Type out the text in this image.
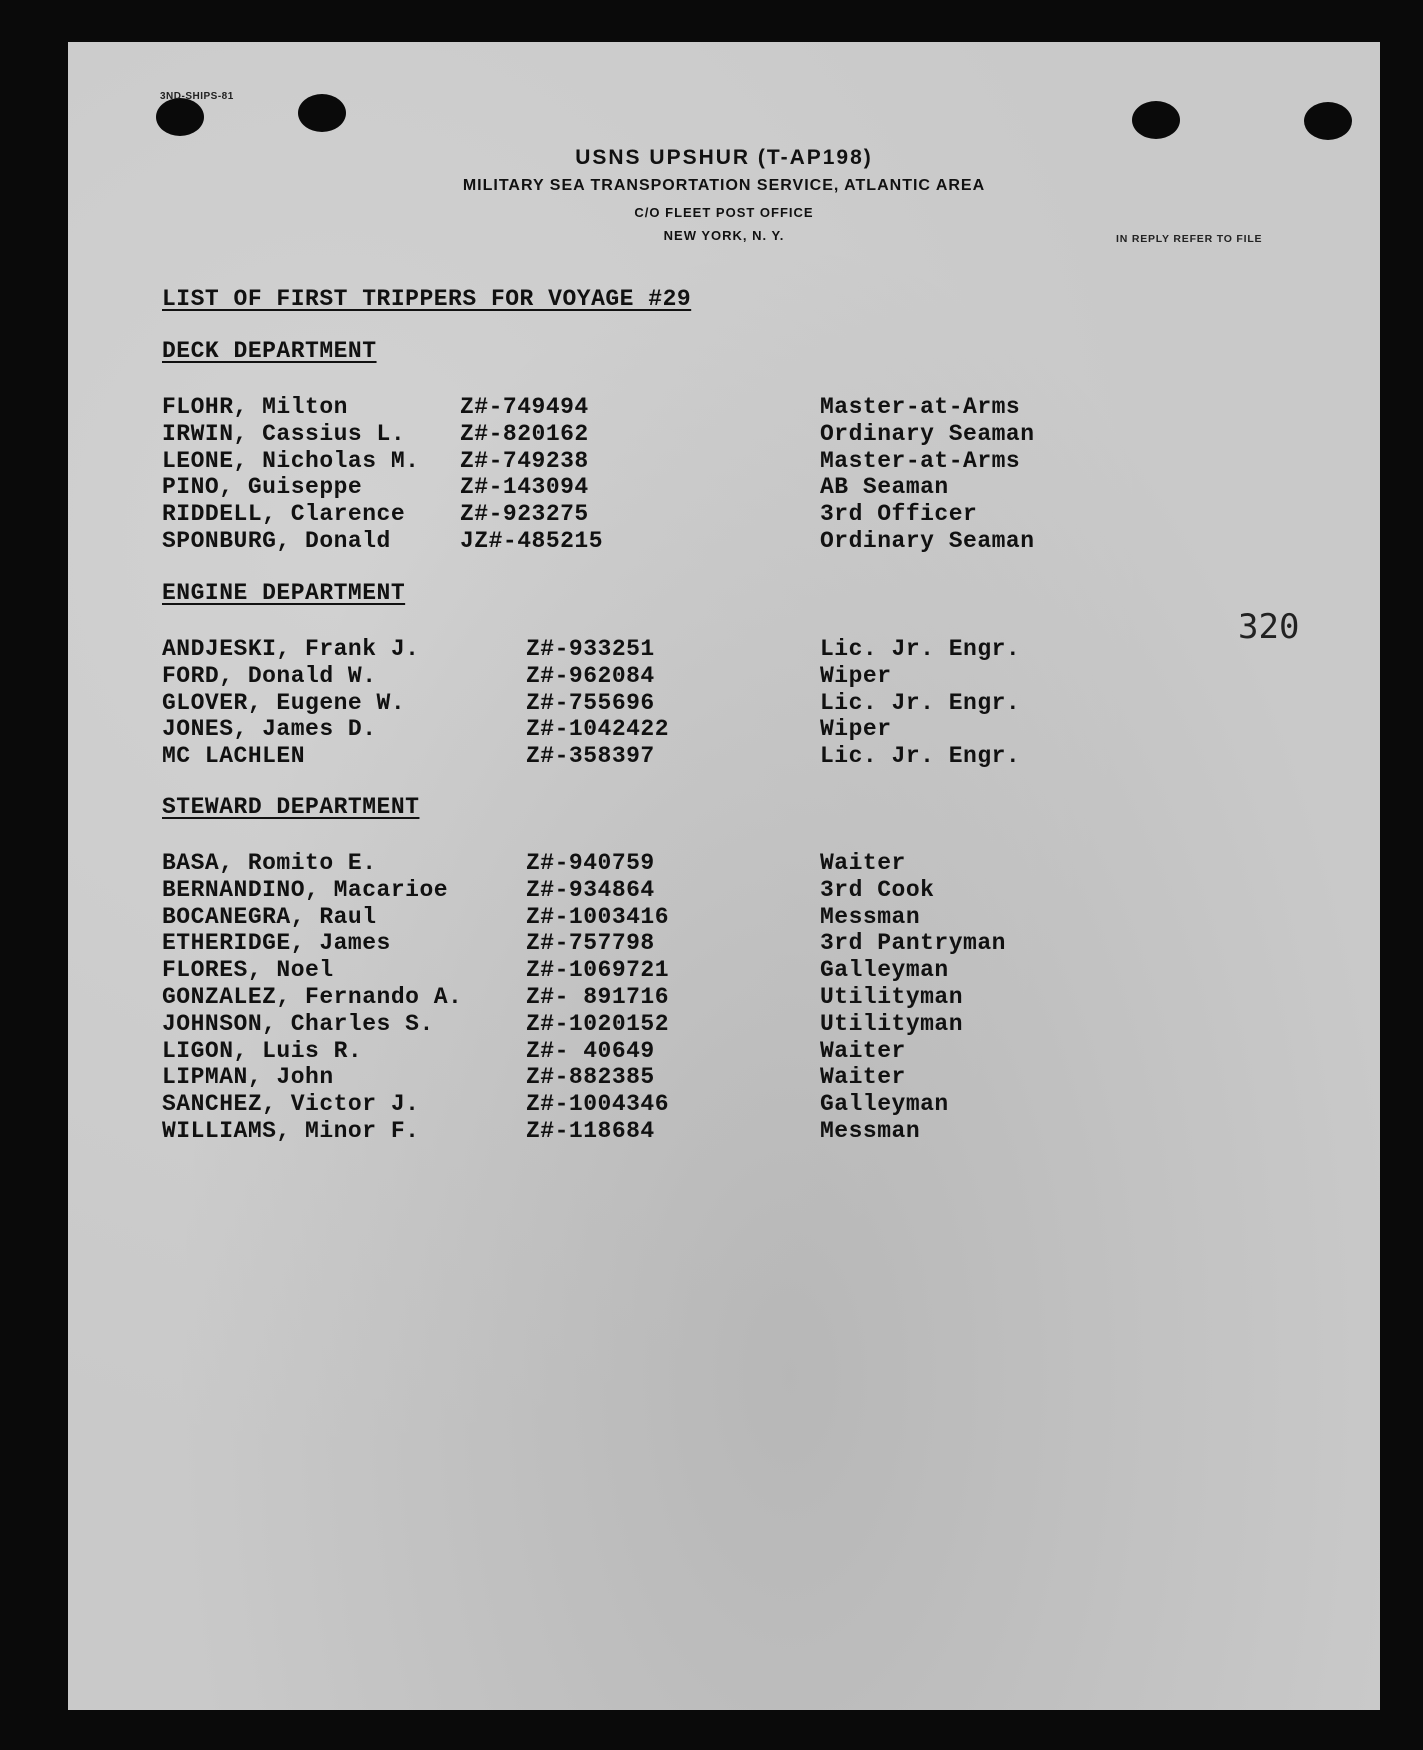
3ND-SHIPS-81
USNS UPSHUR (T-AP198)
MILITARY SEA TRANSPORTATION SERVICE, ATLANTIC AREA
C/O FLEET POST OFFICE
NEW YORK, N. Y.	IN REPLY REFER TO FILE
320
LIST OF FIRST TRIPPERS FOR VOYAGE #29
DECK DEPARTMENT
FLOHR, Milton	Z#-749494	Master-at-Arms
IRWIN, Cassius L. Z#-820162	Ordinary Seaman
LEONE, Nicholas M. Z#-749238	Master-at-Arms
PINO, Guiseppe	Z#-143094	AB Seaman
RIDDELL, Clarence Z#-923275	3rd Officer
SPONBURG, Donald	JZ#-485215	Ordinary Seaman
ENGINE DEPARTMENT
ANDJESKI, Frank J.	Z#-933251	Lic. Jr. Engr.
FORD, Donald W.	Z#-962084	Wiper
GLOVER, Eugene W.	Z#-755696	Lic. Jr. Engr.
JONES, James D.	Z#-1042422	Wiper
MC LACHLEN	Z#-358397	Lic. Jr. Engr.
STEWARD DEPARTMENT
BASA, Romito E.	Z#-940759	Waiter
BERNANDINO, Macarioe	Z#-934864	3rd Cook
BOCANEGRA, Raul	Z#-1003416	Messman
ETHERIDGE, James	Z#-757798	3rd Pantryman
FLORES, Noel	Z#-1069721	Galleyman
GONZALEZ, Fernando A.	Z#- 891716	Utilityman
JOHNSON, Charles S.	Z#-1020152	Utilityman
LIGON, Luis R.	Z#- 40649	Waiter
LIPMAN, John	Z#-882385	Waiter
SANCHEZ, Victor J.	Z#-1004346	Galleyman
WILLIAMS, Minor F.	Z#-118684	Messman
